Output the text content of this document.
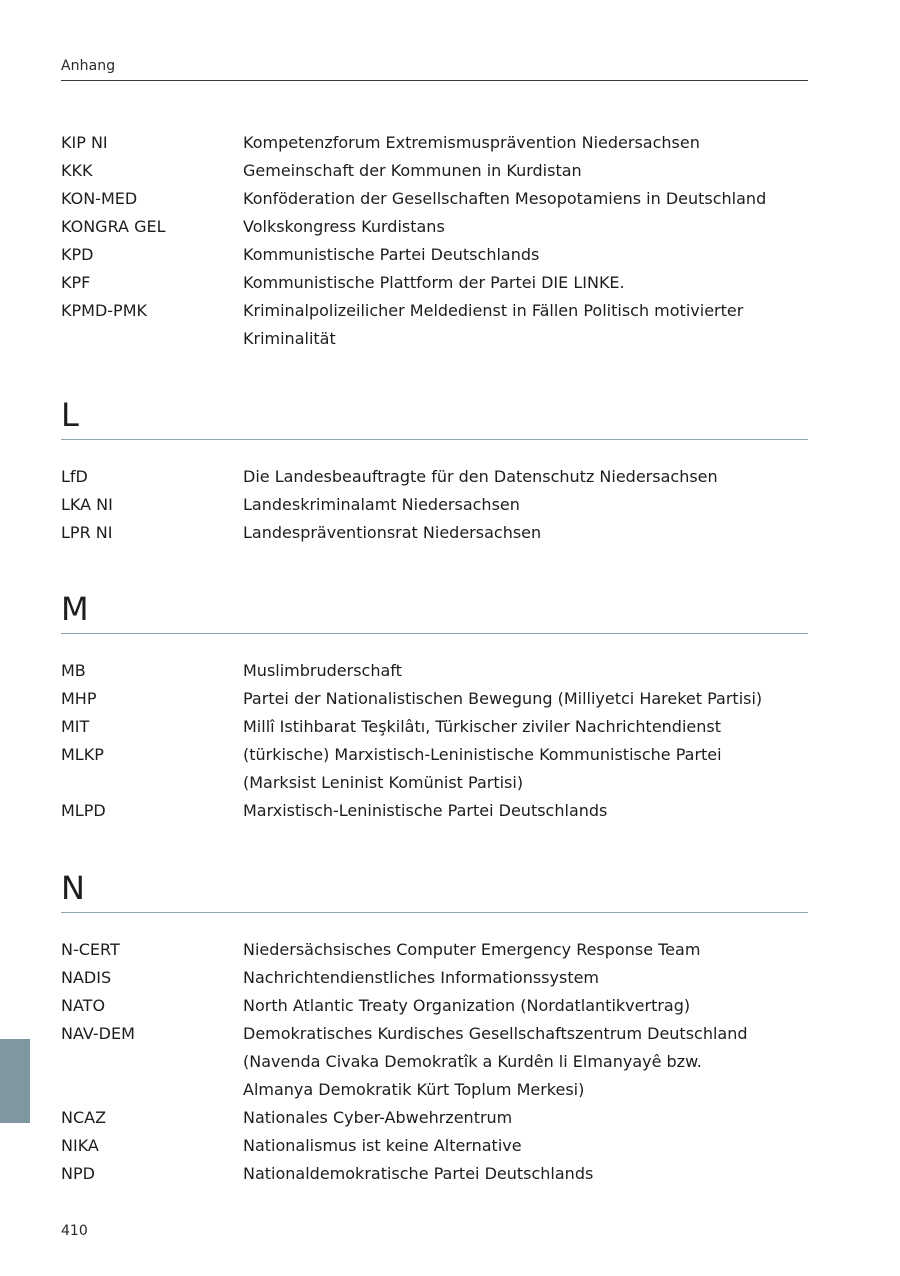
Anhang
KIP NI	Kompetenzforum Extremismusprävention Niedersachsen
KKK	Gemeinschaft der Kommunen in Kurdistan
KON-MED	Konföderation der Gesellschaften Mesopotamiens in Deutschland
KONGRA GEL	Volkskongress Kurdistans
KPD	Kommunistische Partei Deutschlands
KPF	Kommunistische Plattform der Partei DIE LINKE.
KPMD-PMK	Kriminalpolizeilicher Meldedienst in Fällen Politisch motivierter
Kriminalität
L
LfD	Die Landesbeauftragte für den Datenschutz Niedersachsen
LKA NI	Landeskriminalamt Niedersachsen
LPR NI	Landespräventionsrat Niedersachsen
M
MB	Muslimbruderschaft
MHP	Partei der Nationalistischen Bewegung (Milliyetci Hareket Partisi)
MIT	Millî Istihbarat Teşkilâtı, Türkischer ziviler Nachrichtendienst
MLKP	(türkische) Marxistisch-Leninistische Kommunistische Partei
(Marksist Leninist Komünist Partisi)
MLPD	Marxistisch-Leninistische Partei Deutschlands
N
N-CERT	Niedersächsisches Computer Emergency Response Team
NADIS	Nachrichtendienstliches Informationssystem
NATO	North Atlantic Treaty Organization (Nordatlantikvertrag)
NAV-DEM	Demokratisches Kurdisches Gesellschaftszentrum Deutschland
(Navenda Civaka Demokratîk a Kurdên li Elmanyayê bzw.
Almanya Demokratik Kürt Toplum Merkesi)
NCAZ	Nationales Cyber-Abwehrzentrum
NIKA	Nationalismus ist keine Alternative
NPD	Nationaldemokratische Partei Deutschlands
410
